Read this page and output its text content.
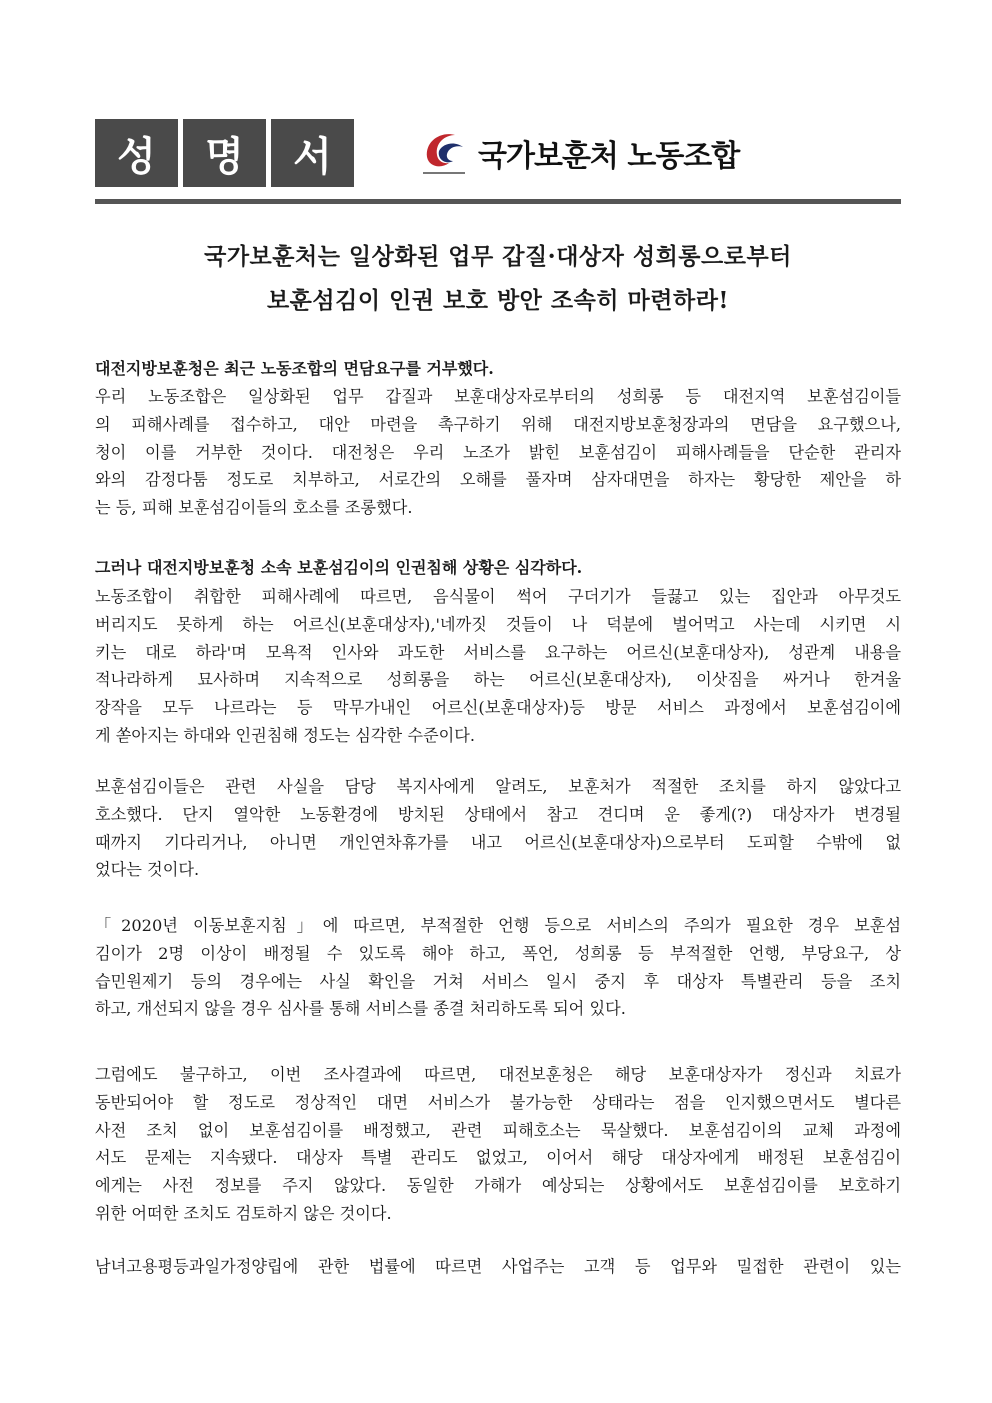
성	명	서	국가보훈처 노동조합
국가보훈처는 일상화된 업무 갑질·대상자 성희롱으로부터
보훈섬김이 인권 보호 방안 조속히 마련하라!
대전지방보훈청은 최근 노동조합의 면담요구를 거부했다.
우리 노동조합은 일상화된 업무 갑질과 보훈대상자로부터의 성희롱 등 대전지역 보훈섬김이들
의 피해사례를 접수하고, 대안 마련을 촉구하기 위해 대전지방보훈청장과의 면담을 요구했으나,
청이 이를 거부한 것이다. 대전청은 우리 노조가 밝힌 보훈섬김이 피해사례들을 단순한 관리자
와의 감정다툼 정도로 치부하고, 서로간의 오해를 풀자며 삼자대면을 하자는 황당한 제안을 하
는 등, 피해 보훈섬김이들의 호소를 조롱했다.
그러나 대전지방보훈청 소속 보훈섬김이의 인권침해 상황은 심각하다.
노동조합이 취합한 피해사례에 따르면, 음식물이 썩어 구더기가 들끓고 있는 집안과 아무것도
버리지도 못하게 하는 어르신(보훈대상자),'네까짓 것들이 나 덕분에 벌어먹고 사는데 시키면 시
키는 대로 하라'며 모욕적 인사와 과도한 서비스를 요구하는 어르신(보훈대상자), 성관계 내용을
적나라하게 묘사하며 지속적으로 성희롱을 하는 어르신(보훈대상자), 이삿짐을 싸거나 한겨울
장작을 모두 나르라는 등 막무가내인 어르신(보훈대상자)등 방문 서비스 과정에서 보훈섬김이에
게 쏟아지는 하대와 인권침해 정도는 심각한 수준이다.
보훈섬김이들은 관련 사실을 담당 복지사에게 알려도, 보훈처가 적절한 조치를 하지 않았다고
호소했다. 단지 열악한 노동환경에 방치된 상태에서 참고 견디며 운 좋게(?) 대상자가 변경될
때까지 기다리거나, 아니면 개인연차휴가를 내고 어르신(보훈대상자)으로부터 도피할 수밖에 없
었다는 것이다.
「2020년 이동보훈지침」에 따르면, 부적절한 언행 등으로 서비스의 주의가 필요한 경우 보훈섬
김이가 2명 이상이 배정될 수 있도록 해야 하고, 폭언, 성희롱 등 부적절한 언행, 부당요구, 상
습민원제기 등의 경우에는 사실 확인을 거쳐 서비스 일시 중지 후 대상자 특별관리 등을 조치
하고, 개선되지 않을 경우 심사를 통해 서비스를 종결 처리하도록 되어 있다.
그럼에도 불구하고, 이번 조사결과에 따르면, 대전보훈청은 해당 보훈대상자가 정신과 치료가
동반되어야 할 정도로 정상적인 대면 서비스가 불가능한 상태라는 점을 인지했으면서도 별다른
사전 조치 없이 보훈섬김이를 배정했고, 관련 피해호소는 묵살했다. 보훈섬김이의 교체 과정에
서도 문제는 지속됐다. 대상자 특별 관리도 없었고, 이어서 해당 대상자에게 배정된 보훈섬김이
에게는 사전 정보를 주지 않았다. 동일한 가해가 예상되는 상황에서도 보훈섬김이를 보호하기
위한 어떠한 조치도 검토하지 않은 것이다.
남녀고용평등과일가정양립에 관한 법률에 따르면 사업주는 고객 등 업무와 밀접한 관련이 있는
